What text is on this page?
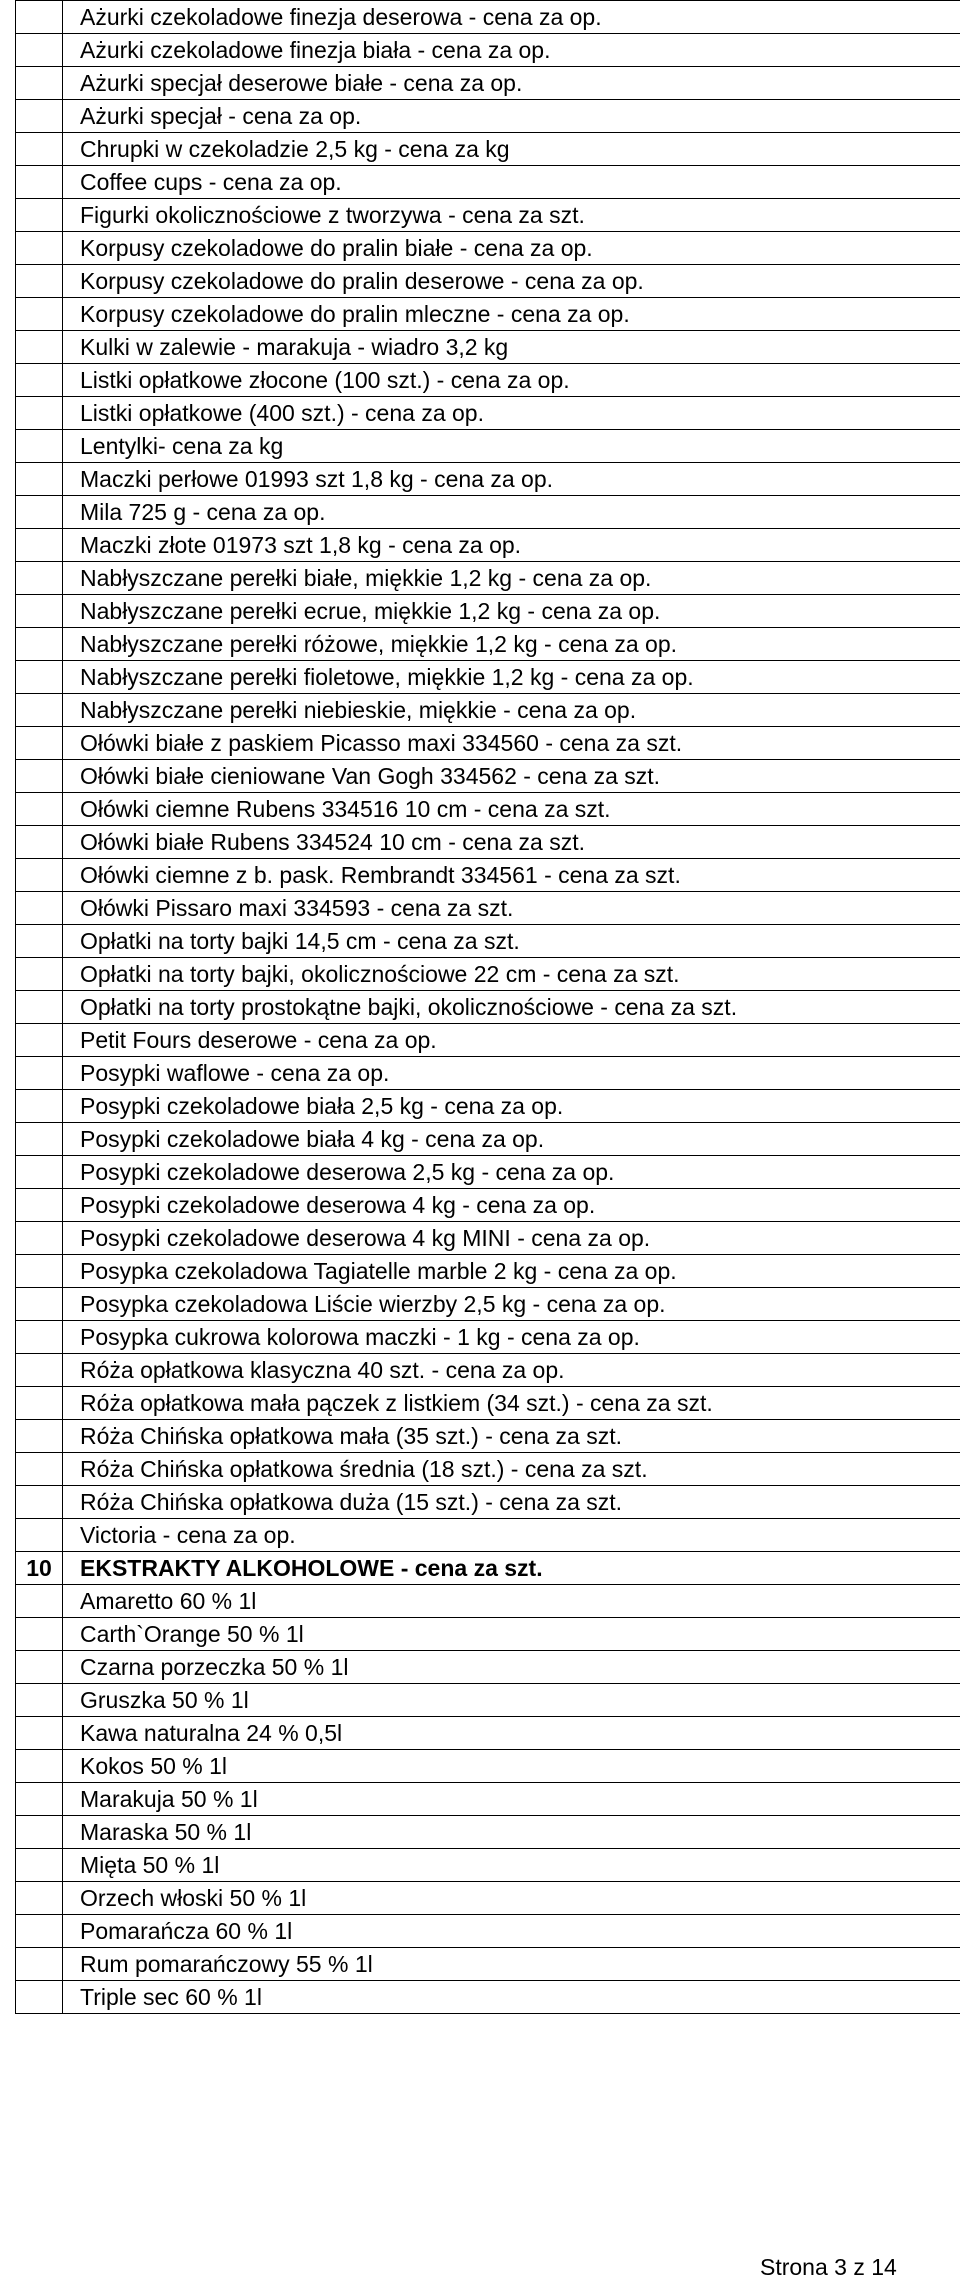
	Ażurki czekoladowe finezja deserowa - cena za op.
	Ażurki czekoladowe finezja biała - cena za op.
	Ażurki specjał deserowe białe - cena za op.
	Ażurki specjał - cena za op.
	Chrupki w czekoladzie 2,5 kg - cena za kg
	Coffee cups - cena za op.
	Figurki okolicznościowe z tworzywa - cena za szt.
	Korpusy czekoladowe do pralin białe - cena za op.
	Korpusy czekoladowe do pralin deserowe - cena za op.
	Korpusy czekoladowe do pralin mleczne - cena za op.
	Kulki w zalewie - marakuja - wiadro 3,2 kg
	Listki opłatkowe złocone (100 szt.) - cena za op.
	Listki opłatkowe (400 szt.) - cena za op.
	Lentylki- cena za kg
	Maczki perłowe 01993 szt 1,8 kg - cena za op.
	Mila 725 g - cena za op.
	Maczki złote 01973 szt 1,8 kg - cena za op.
	Nabłyszczane perełki białe, miękkie 1,2 kg - cena za op.
	Nabłyszczane perełki ecrue, miękkie 1,2 kg - cena za op.
	Nabłyszczane perełki różowe, miękkie 1,2 kg - cena za op.
	Nabłyszczane perełki fioletowe, miękkie 1,2 kg - cena za op.
	Nabłyszczane perełki niebieskie, miękkie - cena za op.
	Ołówki białe z paskiem Picasso maxi 334560 - cena za szt.
	Ołówki białe cieniowane Van Gogh 334562 - cena za szt.
	Ołówki ciemne Rubens 334516 10 cm - cena za szt.
	Ołówki białe Rubens 334524 10 cm - cena za szt.
	Ołówki ciemne z b. pask. Rembrandt 334561 - cena za szt.
	Ołówki Pissaro maxi 334593 - cena za szt.
	Opłatki na torty bajki 14,5 cm - cena za szt.
	Opłatki na torty bajki, okolicznościowe 22 cm - cena za szt.
	Opłatki na torty prostokątne bajki, okolicznościowe - cena za szt.
	Petit Fours deserowe - cena za op.
	Posypki waflowe - cena za op.
	Posypki czekoladowe biała 2,5 kg - cena za op.
	Posypki czekoladowe biała 4 kg - cena za op.
	Posypki czekoladowe deserowa 2,5 kg - cena za op.
	Posypki czekoladowe deserowa 4 kg - cena za op.
	Posypki czekoladowe deserowa 4 kg MINI - cena za op.
	Posypka czekoladowa Tagiatelle marble 2 kg - cena za op.
	Posypka czekoladowa Liście wierzby 2,5 kg - cena za op.
	Posypka cukrowa kolorowa maczki - 1 kg - cena za op.
	Róża opłatkowa klasyczna 40 szt. - cena za op.
	Róża opłatkowa mała pączek z listkiem (34 szt.) - cena za szt.
	Róża Chińska opłatkowa mała (35 szt.) - cena za szt.
	Róża Chińska opłatkowa średnia (18 szt.) - cena za szt.
	Róża Chińska opłatkowa duża (15 szt.) - cena za szt.
	Victoria - cena za op.
10	EKSTRAKTY ALKOHOLOWE - cena za szt.
	Amaretto 60 % 1l
	Carth`Orange 50 % 1l
	Czarna porzeczka 50 % 1l
	Gruszka 50 % 1l
	Kawa naturalna 24 % 0,5l
	Kokos 50 % 1l
	Marakuja 50 % 1l
	Maraska 50 % 1l
	Mięta 50 % 1l
	Orzech włoski 50 % 1l
	Pomarańcza 60 % 1l
	Rum pomarańczowy 55 % 1l
	Triple sec 60 % 1l
Strona 3 z 14
